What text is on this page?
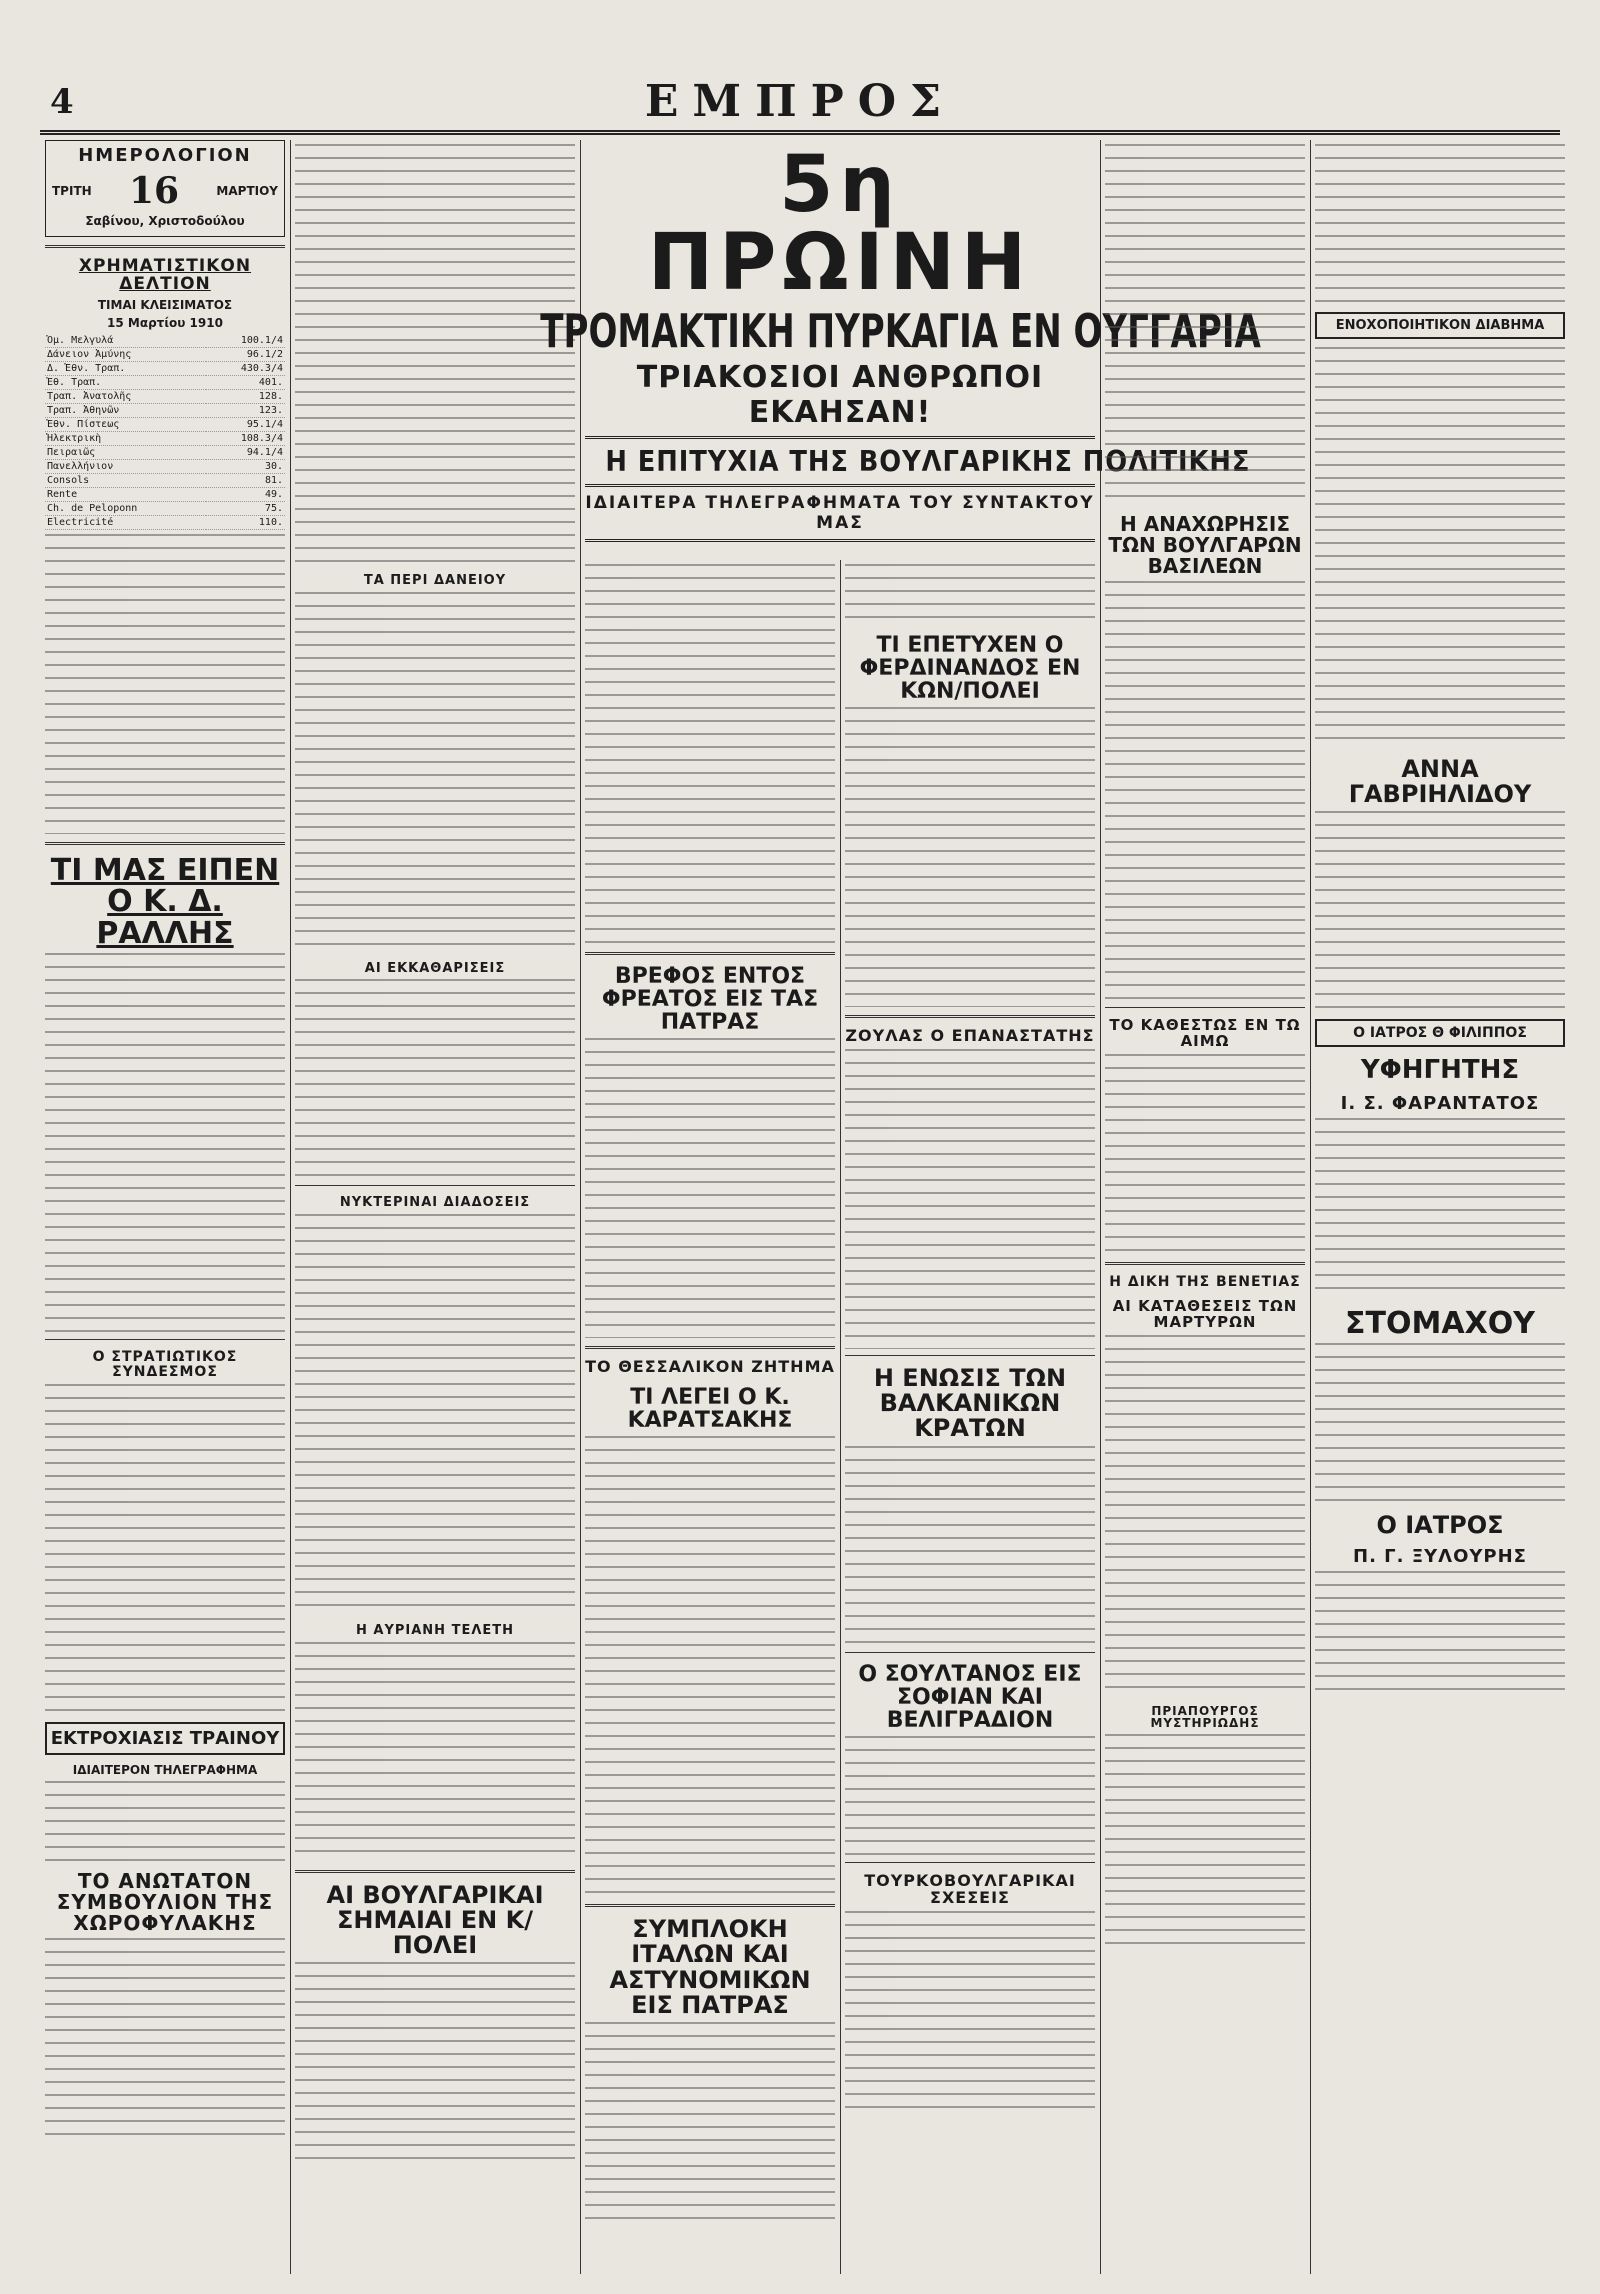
4	ΕΜΠΡΟΣ
ΗΜΕΡΟΛΟΓΙΟΝ
ΤΡΙΤΗ 16	ΜΑΡΤΙΟΥ
Σαβίνου, Χριστοδούλου
ΧΡΗΜΑΤΙΣΤΙΚΟΝ ΔΕΛΤΙΟΝ
ΤΙΜΑΙ ΚΛΕΙΣΙΜΑΤΟΣ
15 Μαρτίου 1910
Ὁμ. Μελγυλά	100.1/4
Δάνειον Ἀμύνης	96.1/2
Δ. Ἐθν. Τραπ.	430.3/4
Ἐθ. Τραπ.	401.
Τραπ. Ἀνατολῆς	128.
Τραπ. Ἀθηνῶν	123.
Ἐθν. Πίστεως	95.1/4
Ἠλεκτρικὴ	108.3/4
Πειραιῶς	94.1/4
Πανελλήνιον	30.
Consols	81.
Rente	49.
Ch. de Peloponn	75.
Electricité	110.
.
ΤΙ ΜΑΣ ΕΙΠΕΝ Ο Κ. Δ. ΡΑΛΛΗΣ
.
Ο ΣΤΡΑΤΙΩΤΙΚΟΣ ΣΥΝΔΕΣΜΟΣ
.
ΕΚΤΡΟΧΙΑΣΙΣ ΤΡΑΙΝΟΥ
ΙΔΙΑΙΤΕΡΟΝ ΤΗΛΕΓΡΑΦΗΜΑ
.
ΤΟ ΑΝΩΤΑΤΟΝ ΣΥΜΒΟΥΛΙΟΝ ΤΗΣ ΧΩΡΟΦΥΛΑΚΗΣ
.
.
ΤΑ ΠΕΡΙ ΔΑΝΕΙΟΥ
.
ΑΙ ΕΚΚΑΘΑΡΙΣΕΙΣ
.
ΝΥΚΤΕΡΙΝΑΙ ΔΙΑΔΟΣΕΙΣ
.
Η ΑΥΡΙΑΝΗ ΤΕΛΕΤΗ
.
ΑΙ ΒΟΥΛΓΑΡΙΚΑΙ ΣΗΜΑΙΑΙ ΕΝ Κ/ΠΟΛΕΙ
.
5η ΠΡΩΙΝΗ
ΤΡΟΜΑΚΤΙΚΗ ΠΥΡΚΑΓΙΑ ΕΝ ΟΥΓΓΑΡΙΑ
ΤΡΙΑΚΟΣΙΟΙ ΑΝΘΡΩΠΟΙ ΕΚΑΗΣΑΝ!
Η ΕΠΙΤΥΧΙΑ ΤΗΣ ΒΟΥΛΓΑΡΙΚΗΣ ΠΟΛΙΤΙΚΗΣ
ΙΔΙΑΙΤΕΡΑ ΤΗΛΕΓΡΑΦΗΜΑΤΑ ΤΟΥ ΣΥΝΤΑΚΤΟΥ ΜΑΣ
.
ΒΡΕΦΟΣ ΕΝΤΟΣ ΦΡΕΑΤΟΣ ΕΙΣ ΤΑΣ ΠΑΤΡΑΣ
.
ΤΟ ΘΕΣΣΑΛΙΚΟΝ ΖΗΤΗΜΑ
ΤΙ ΛΕΓΕΙ Ο Κ. ΚΑΡΑΤΣΑΚΗΣ
.
ΣΥΜΠΛΟΚΗ ΙΤΑΛΩΝ ΚΑΙ ΑΣΤΥΝΟΜΙΚΩΝ ΕΙΣ ΠΑΤΡΑΣ
.
.
ΤΙ ΕΠΕΤΥΧΕΝ Ο ΦΕΡΔΙΝΑΝΔΟΣ ΕΝ ΚΩΝ/ΠΟΛΕΙ
.
ΖΟΥΛΑΣ Ο ΕΠΑΝΑΣΤΑΤΗΣ
.
Η ΕΝΩΣΙΣ ΤΩΝ ΒΑΛΚΑΝΙΚΩΝ ΚΡΑΤΩΝ
.
Ο ΣΟΥΛΤΑΝΟΣ ΕΙΣ ΣΟΦΙΑΝ ΚΑΙ ΒΕΛΙΓΡΑΔΙΟΝ
.
ΤΟΥΡΚΟΒΟΥΛΓΑΡΙΚΑΙ ΣΧΕΣΕΙΣ
.
.
Η ΑΝΑΧΩΡΗΣΙΣ ΤΩΝ ΒΟΥΛΓΑΡΩΝ ΒΑΣΙΛΕΩΝ
.
ΤΟ ΚΑΘΕΣΤΩΣ ΕΝ ΤΩ ΑΙΜΩ
.
Η ΔΙΚΗ ΤΗΣ ΒΕΝΕΤΙΑΣ
ΑΙ ΚΑΤΑΘΕΣΕΙΣ ΤΩΝ ΜΑΡΤΥΡΩΝ
.
ΠΡΙΑΠΟΥΡΓΟΣ ΜΥΣΤΗΡΙΩΔΗΣ
.
.
ΕΝΟΧΟΠΟΙΗΤΙΚΟΝ ΔΙΑΒΗΜΑ
.
ΑΝΝΑ ΓΑΒΡΙΗΛΙΔΟΥ
.
Ο ΙΑΤΡΟΣ Θ ΦΙΛΙΠΠΟΣ
ΥΦΗΓΗΤΗΣ
Ι. Σ. ΦΑΡΑΝΤΑΤΟΣ
.
ΣΤΟΜΑΧΟΥ
.
Ο ΙΑΤΡΟΣ
Π. Γ. ΞΥΛΟΥΡΗΣ
.
